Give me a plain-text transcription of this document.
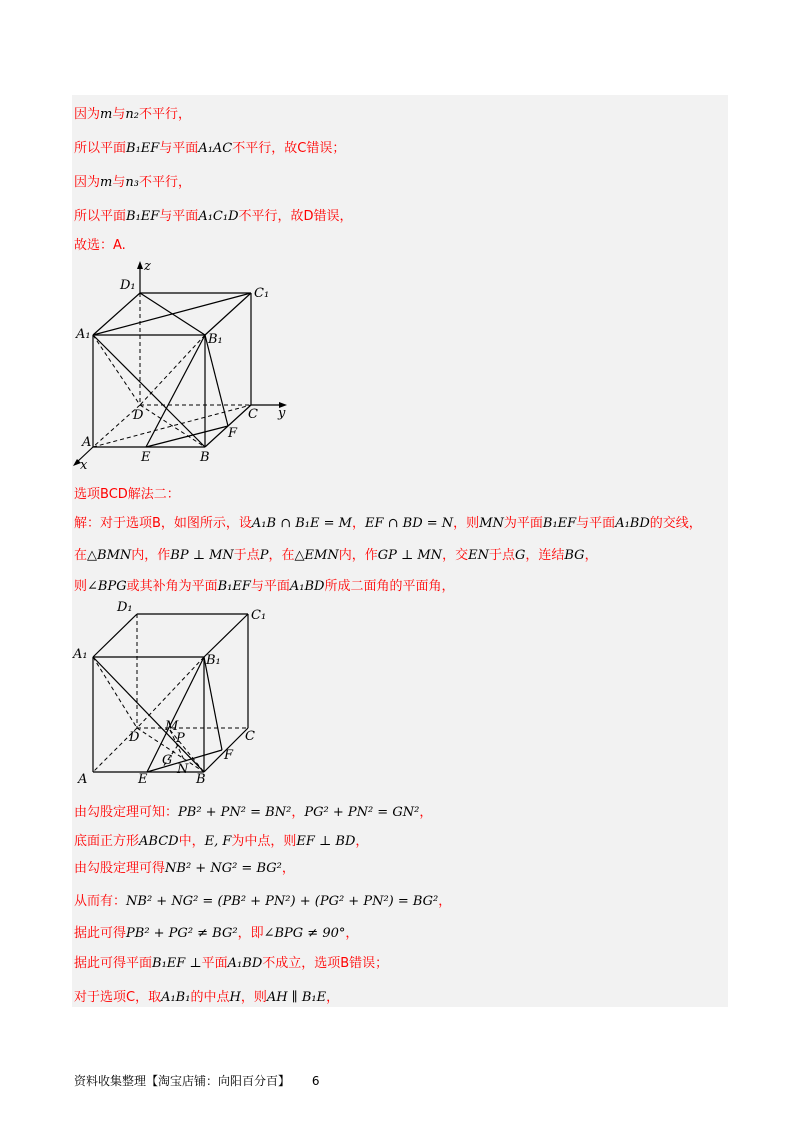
因为m与n₂不平行，
所以平面B₁EF与平面A₁AC不平行，故C错误；
因为m与n₃不平行，
所以平面B₁EF与平面A₁C₁D不平行，故D错误，
故选：A.
选项BCD解法二：
解：对于选项B，如图所示，设A₁B ∩ B₁E = M，EF ∩ BD = N，则MN为平面B₁EF与平面A₁BD的交线，
在△BMN内，作BP ⊥ MN于点P，在△EMN内，作GP ⊥ MN，交EN于点G，连结BG，
则∠BPG或其补角为平面B₁EF与平面A₁BD所成二面角的平面角，
由勾股定理可知：PB² + PN² = BN²，PG² + PN² = GN²，
底面正方形ABCD中，E, F为中点，则EF ⊥ BD，
由勾股定理可得NB² + NG² = BG²，
从而有：NB² + NG² = (PB² + PN²) + (PG² + PN²) = BG²，
据此可得PB² + PG² ≠ BG²，即∠BPG ≠ 90°，
据此可得平面B₁EF ⊥平面A₁BD不成立，选项B错误；
对于选项C，取A₁B₁的中点H，则AH ∥ B₁E，
z
D₁
C₁
A₁	B₁
D	C y
F
A
E	B
x
D₁
C₁
A₁	B₁
M
P
D	C
G
N
F
A	E	B
资料收集整理【淘宝店铺：向阳百分百】 6
